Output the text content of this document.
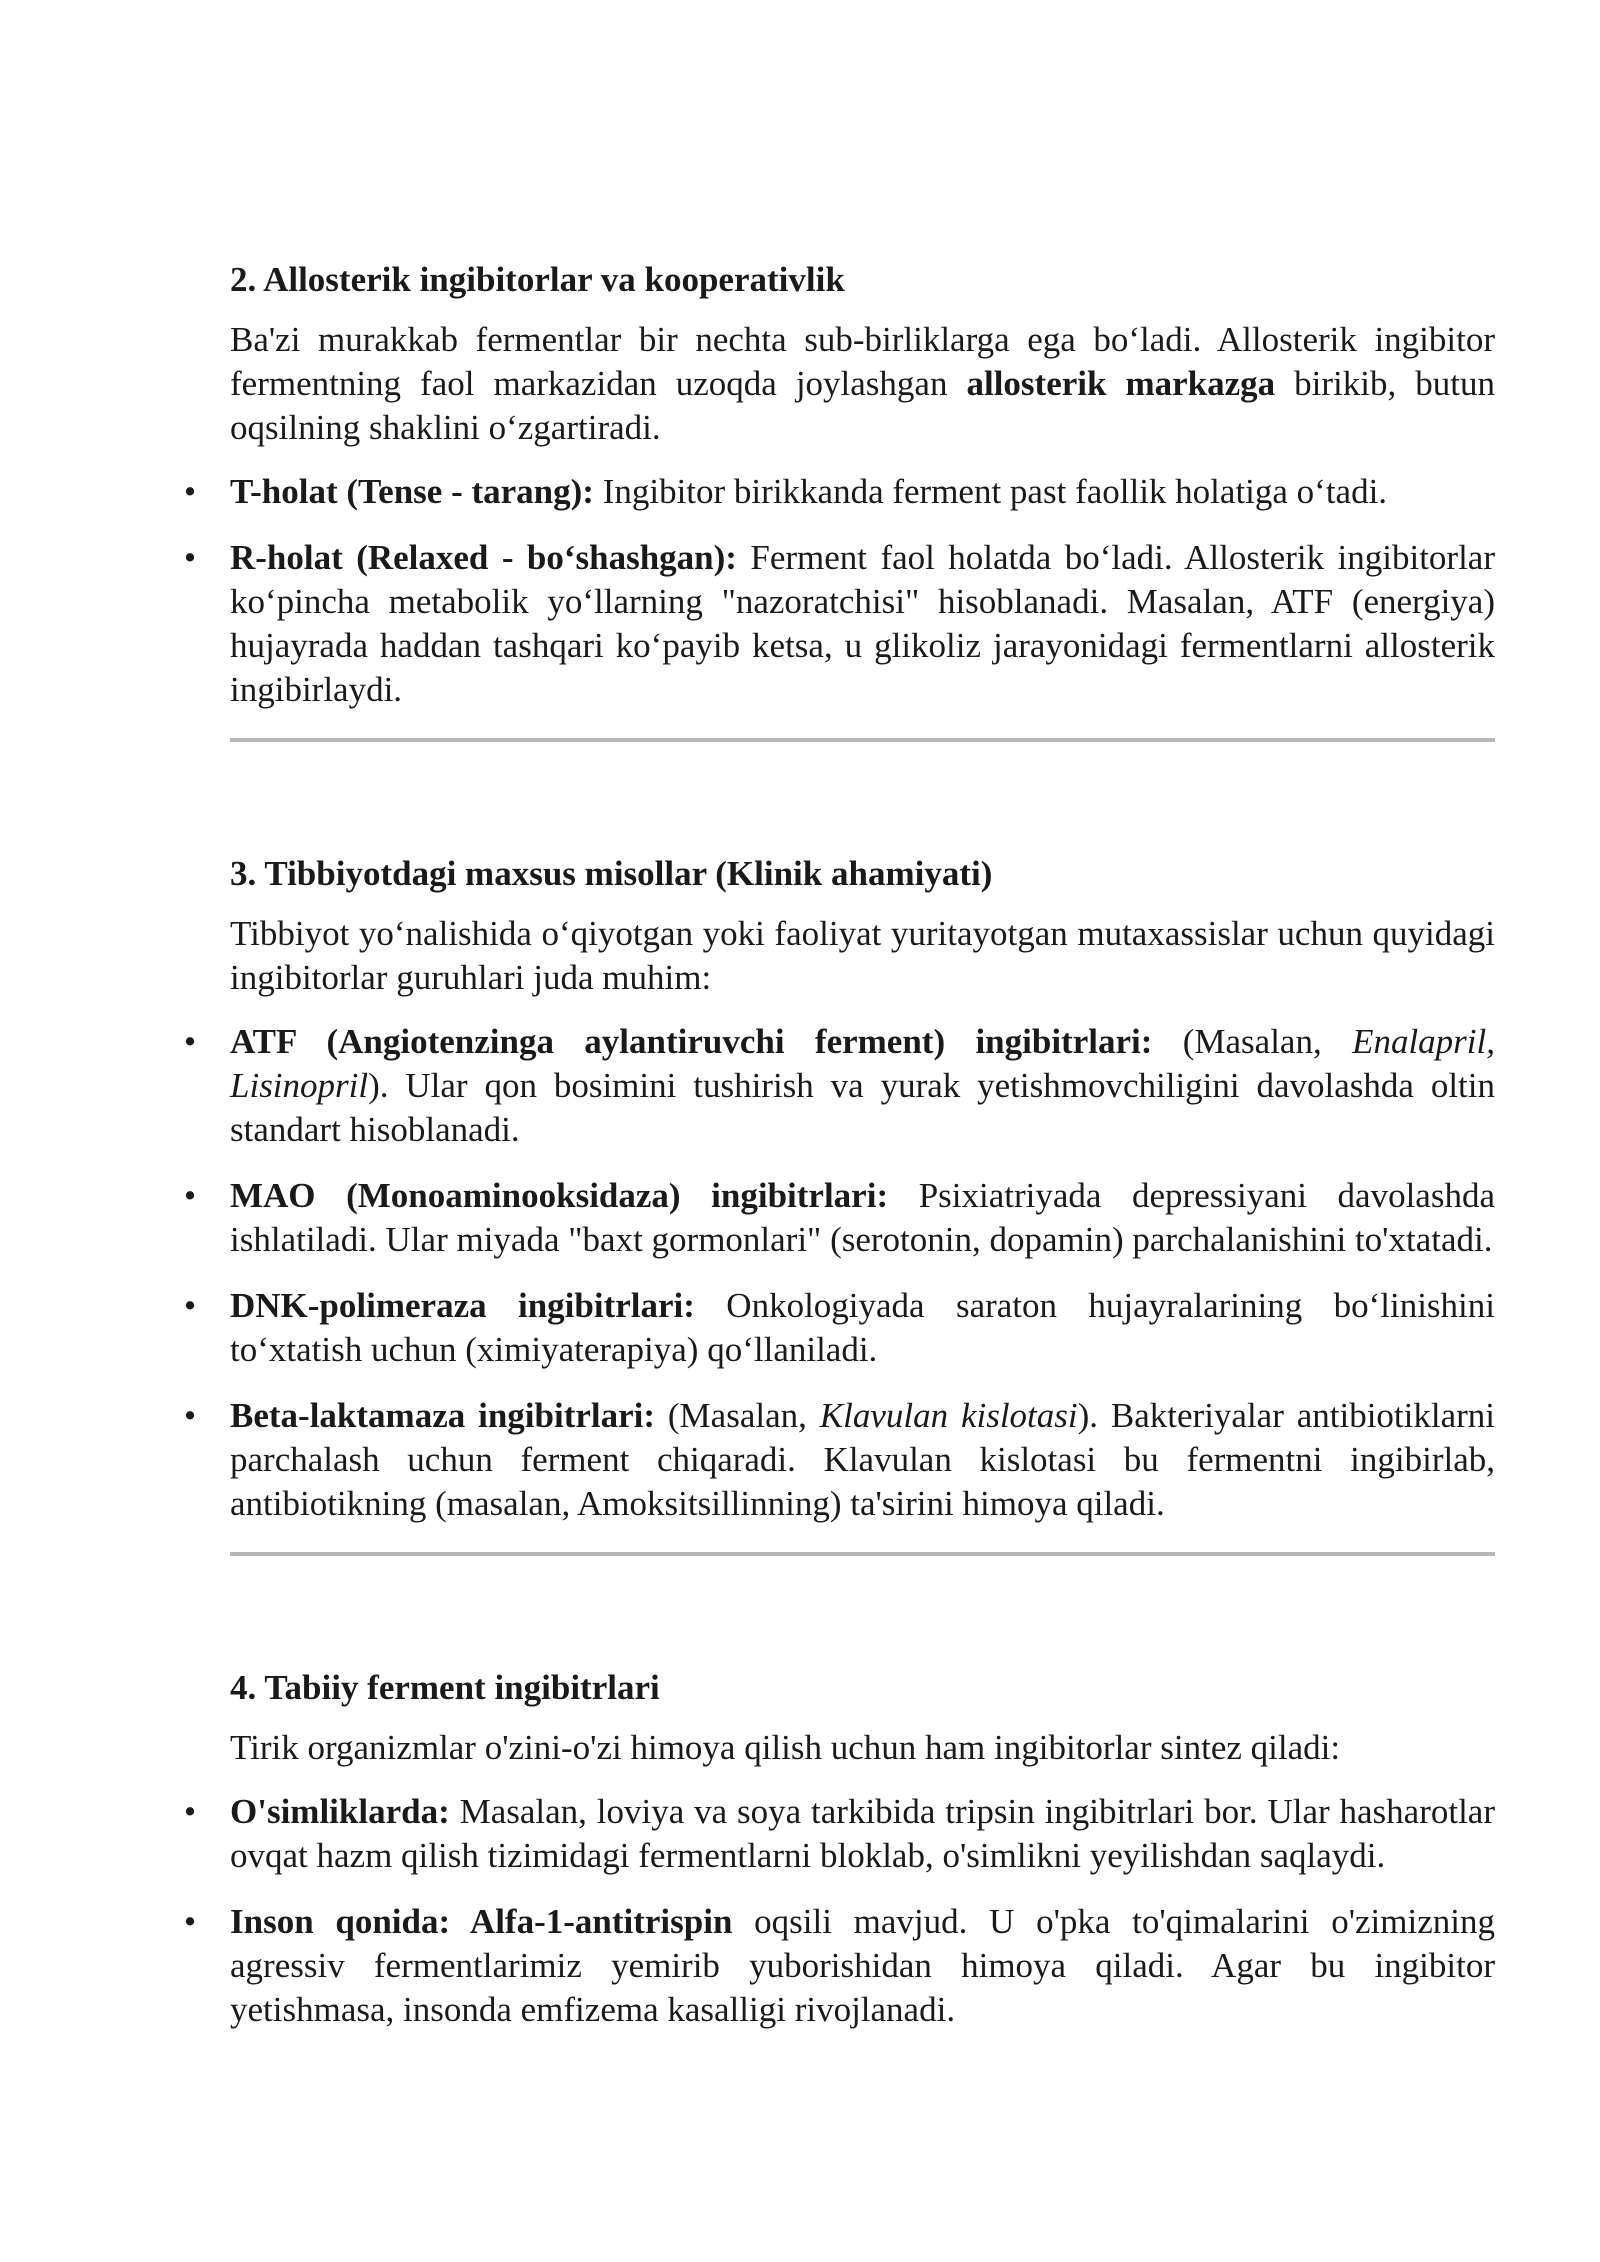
2. Allosterik ingibitorlar va kooperativlik

Ba'zi murakkab fermentlar bir nechta sub-birliklarga ega bo‘ladi. Allosterik ingibitor fermentning faol markazidan uzoqda joylashgan allosterik markazga birikib, butun oqsilning shaklini o‘zgartiradi.

• T-holat (Tense - tarang): Ingibitor birikkanda ferment past faollik holatiga o‘tadi.
• R-holat (Relaxed - bo‘shashgan): Ferment faol holatda bo‘ladi. Allosterik ingibitorlar ko‘pincha metabolik yo‘llarning "nazoratchisi" hisoblanadi. Masalan, ATF (energiya) hujayrada haddan tashqari ko‘payib ketsa, u glikoliz jarayonidagi fermentlarni allosterik ingibirlaydi.
3. Tibbiyotdagi maxsus misollar (Klinik ahamiyati)

Tibbiyot yo‘nalishida o‘qiyotgan yoki faoliyat yuritayotgan mutaxassislar uchun quyidagi ingibitorlar guruhlari juda muhim:

• ATF (Angiotenzinga aylantiruvchi ferment) ingibitrlari: (Masalan, Enalapril, Lisinopril). Ular qon bosimini tushirish va yurak yetishmovchiligini davolashda oltin standart hisoblanadi.
• MAO (Monoaminooksidaza) ingibitrlari: Psixiatriyada depressiyani davolashda ishlatiladi. Ular miyada "baxt gormonlari" (serotonin, dopamin) parchalanishini to'xtatadi.
• DNK-polimeraza ingibitrlari: Onkologiyada saraton hujayralarining bo‘linishini to‘xtatish uchun (ximiyaterapiya) qo‘llaniladi.
• Beta-laktamaza ingibitrlari: (Masalan, Klavulan kislotasi). Bakteriyalar antibiotiklarni parchalash uchun ferment chiqaradi. Klavulan kislotasi bu fermentni ingibirlab, antibiotikning (masalan, Amoksitsillinning) ta'sirini himoya qiladi.
4. Tabiiy ferment ingibitrlari

Tirik organizmlar o'zini-o'zi himoya qilish uchun ham ingibitorlar sintez qiladi:

• O'simliklarda: Masalan, loviya va soya tarkibida tripsin ingibitrlari bor. Ular hasharotlar ovqat hazm qilish tizimidagi fermentlarni bloklab, o'simlikni yeyilishdan saqlaydi.
• Inson qonida: Alfa-1-antitrispin oqsili mavjud. U o'pka to'qimalarini o'zimizning agressiv fermentlarimiz yemirib yuborishidan himoya qiladi. Agar bu ingibitor yetishmasa, insonda emfizema kasalligi rivojlanadi.
